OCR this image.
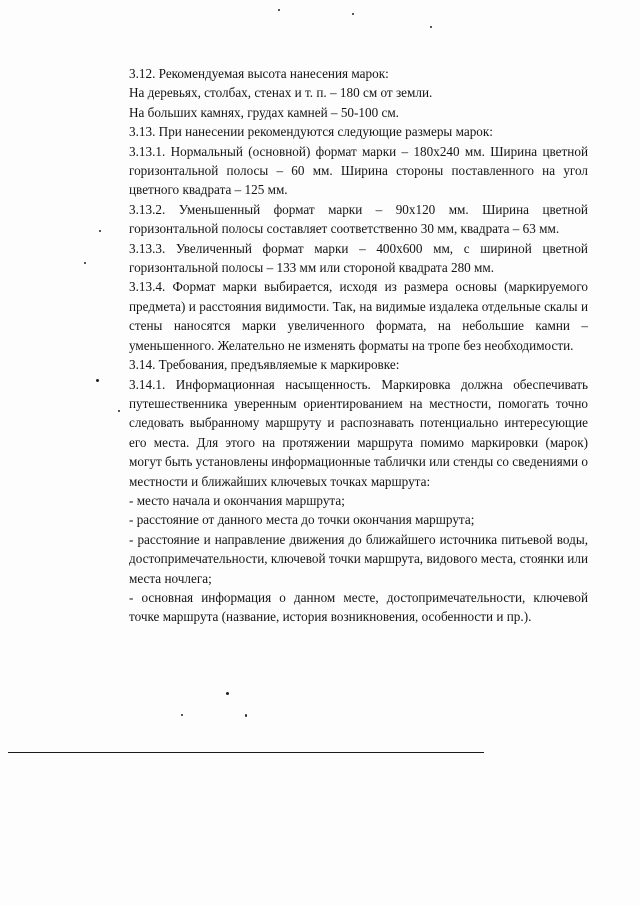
3.12. Рекомендуемая высота нанесения марок:

На деревьях, столбах, стенах и т. п. – 180 см от земли.

На больших камнях, грудах камней – 50-100 см.

3.13. При нанесении рекомендуются следующие размеры марок:

3.13.1. Нормальный (основной) формат марки – 180х240 мм. Ширина цветной горизонтальной полосы – 60 мм. Ширина стороны поставленного на угол цветного квадрата – 125 мм.

3.13.2. Уменьшенный формат марки – 90х120 мм. Ширина цветной горизонтальной полосы составляет соответственно 30 мм, квадрата – 63 мм.

3.13.3. Увеличенный формат марки – 400х600 мм, с шириной цветной горизонтальной полосы – 133 мм или стороной квадрата 280 мм.

3.13.4. Формат марки выбирается, исходя из размера основы (маркируемого предмета) и расстояния видимости. Так, на видимые издалека отдельные скалы и стены наносятся марки увеличенного формата, на небольшие камни – уменьшенного. Желательно не изменять форматы на тропе без необходимости.

3.14. Требования, предъявляемые к маркировке:

3.14.1. Информационная насыщенность. Маркировка должна обеспечивать путешественника уверенным ориентированием на местности, помогать точно следовать выбранному маршруту и распознавать потенциально интересующие его места. Для этого на протяжении маршрута помимо маркировки (марок) могут быть установлены информационные таблички или стенды со сведениями о местности и ближайших ключевых точках маршрута:

- место начала и окончания маршрута;

- расстояние от данного места до точки окончания маршрута;

- расстояние и направление движения до ближайшего источника питьевой воды, достопримечательности, ключевой точки маршрута, видового места, стоянки или места ночлега;

- основная информация о данном месте, достопримечательности, ключевой точке маршрута (название, история возникновения, особенности и пр.).
